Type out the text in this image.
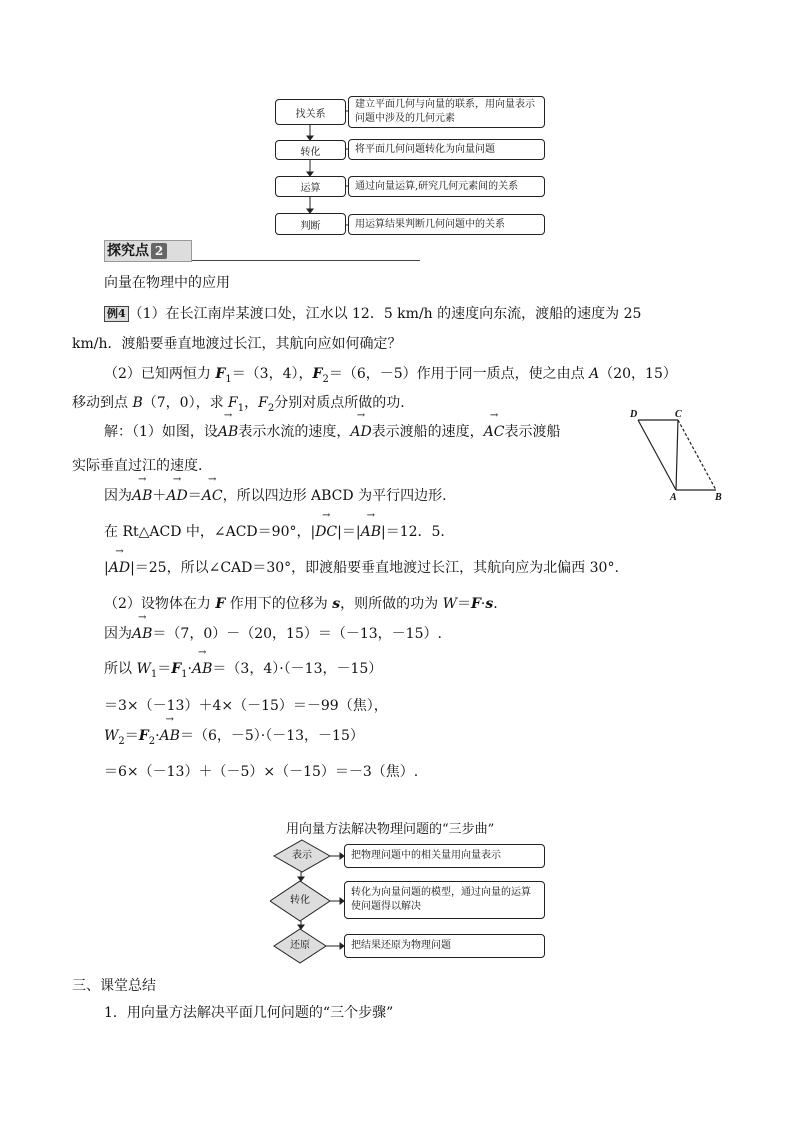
找关系
建立平面几何与向量的联系，用向量表示问题中涉及的几何元素
转化	将平面几何问题转化为向量问题
运算	通过向量运算,研究几何元素间的关系
判断	用运算结果判断几何问题中的关系
探究点 2
向量在物理中的应用
例4 （1）在长江南岸某渡口处，江水以 12．5 km/h 的速度向东流，渡船的速度为 25
km/h．渡船要垂直地渡过长江，其航向应如何确定？
（2）已知两恒力 $F_1=(3$，4），$F_2=(6$，－5）作用于同一质点，使之由点 A（20，15）
移动到点 B（7，0），求 $F_1$，$F_2$分别对质点所做的功.
解：（1）如图，设→ AB表示水流的速度，→ AD表示渡船的速度，→ AC表示渡船
实际垂直过江的速度.
因为→ AB＋→ AD＝→ AC，所以四边形 ABCD 为平行四边形.
在 Rt△ACD 中，∠ACD＝90°，|→ DC|＝|→ AB|＝12．5.
|→ AD|＝25，所以∠CAD＝30°，即渡船要垂直地渡过长江，其航向应为北偏西 30°.
（2）设物体在力 F 作用下的位移为 s，则所做的功为 W＝F·s.
因为→ AB＝（7，0）－（20，15）＝（－13，－15）.
所以 $W_1=F_1\cdot\to AB=(3$，4）·（－13，－15）
＝3×（－13）＋4×（－15）＝－99（焦），
$W_2=F_2\cdot\to AB=(6$，－5）·（－13，－15）
＝6×（－13）＋（－5）×（－15）＝－3（焦）.
D	C
A	B
用向量方法解决物理问题的“三步曲”
表示
转化
还原
把物理问题中的相关量用向量表示
转化为向量问题的模型，通过向量的运算使问题得以解决
把结果还原为物理问题
三、课堂总结
1．用向量方法解决平面几何问题的“三个步骤”
